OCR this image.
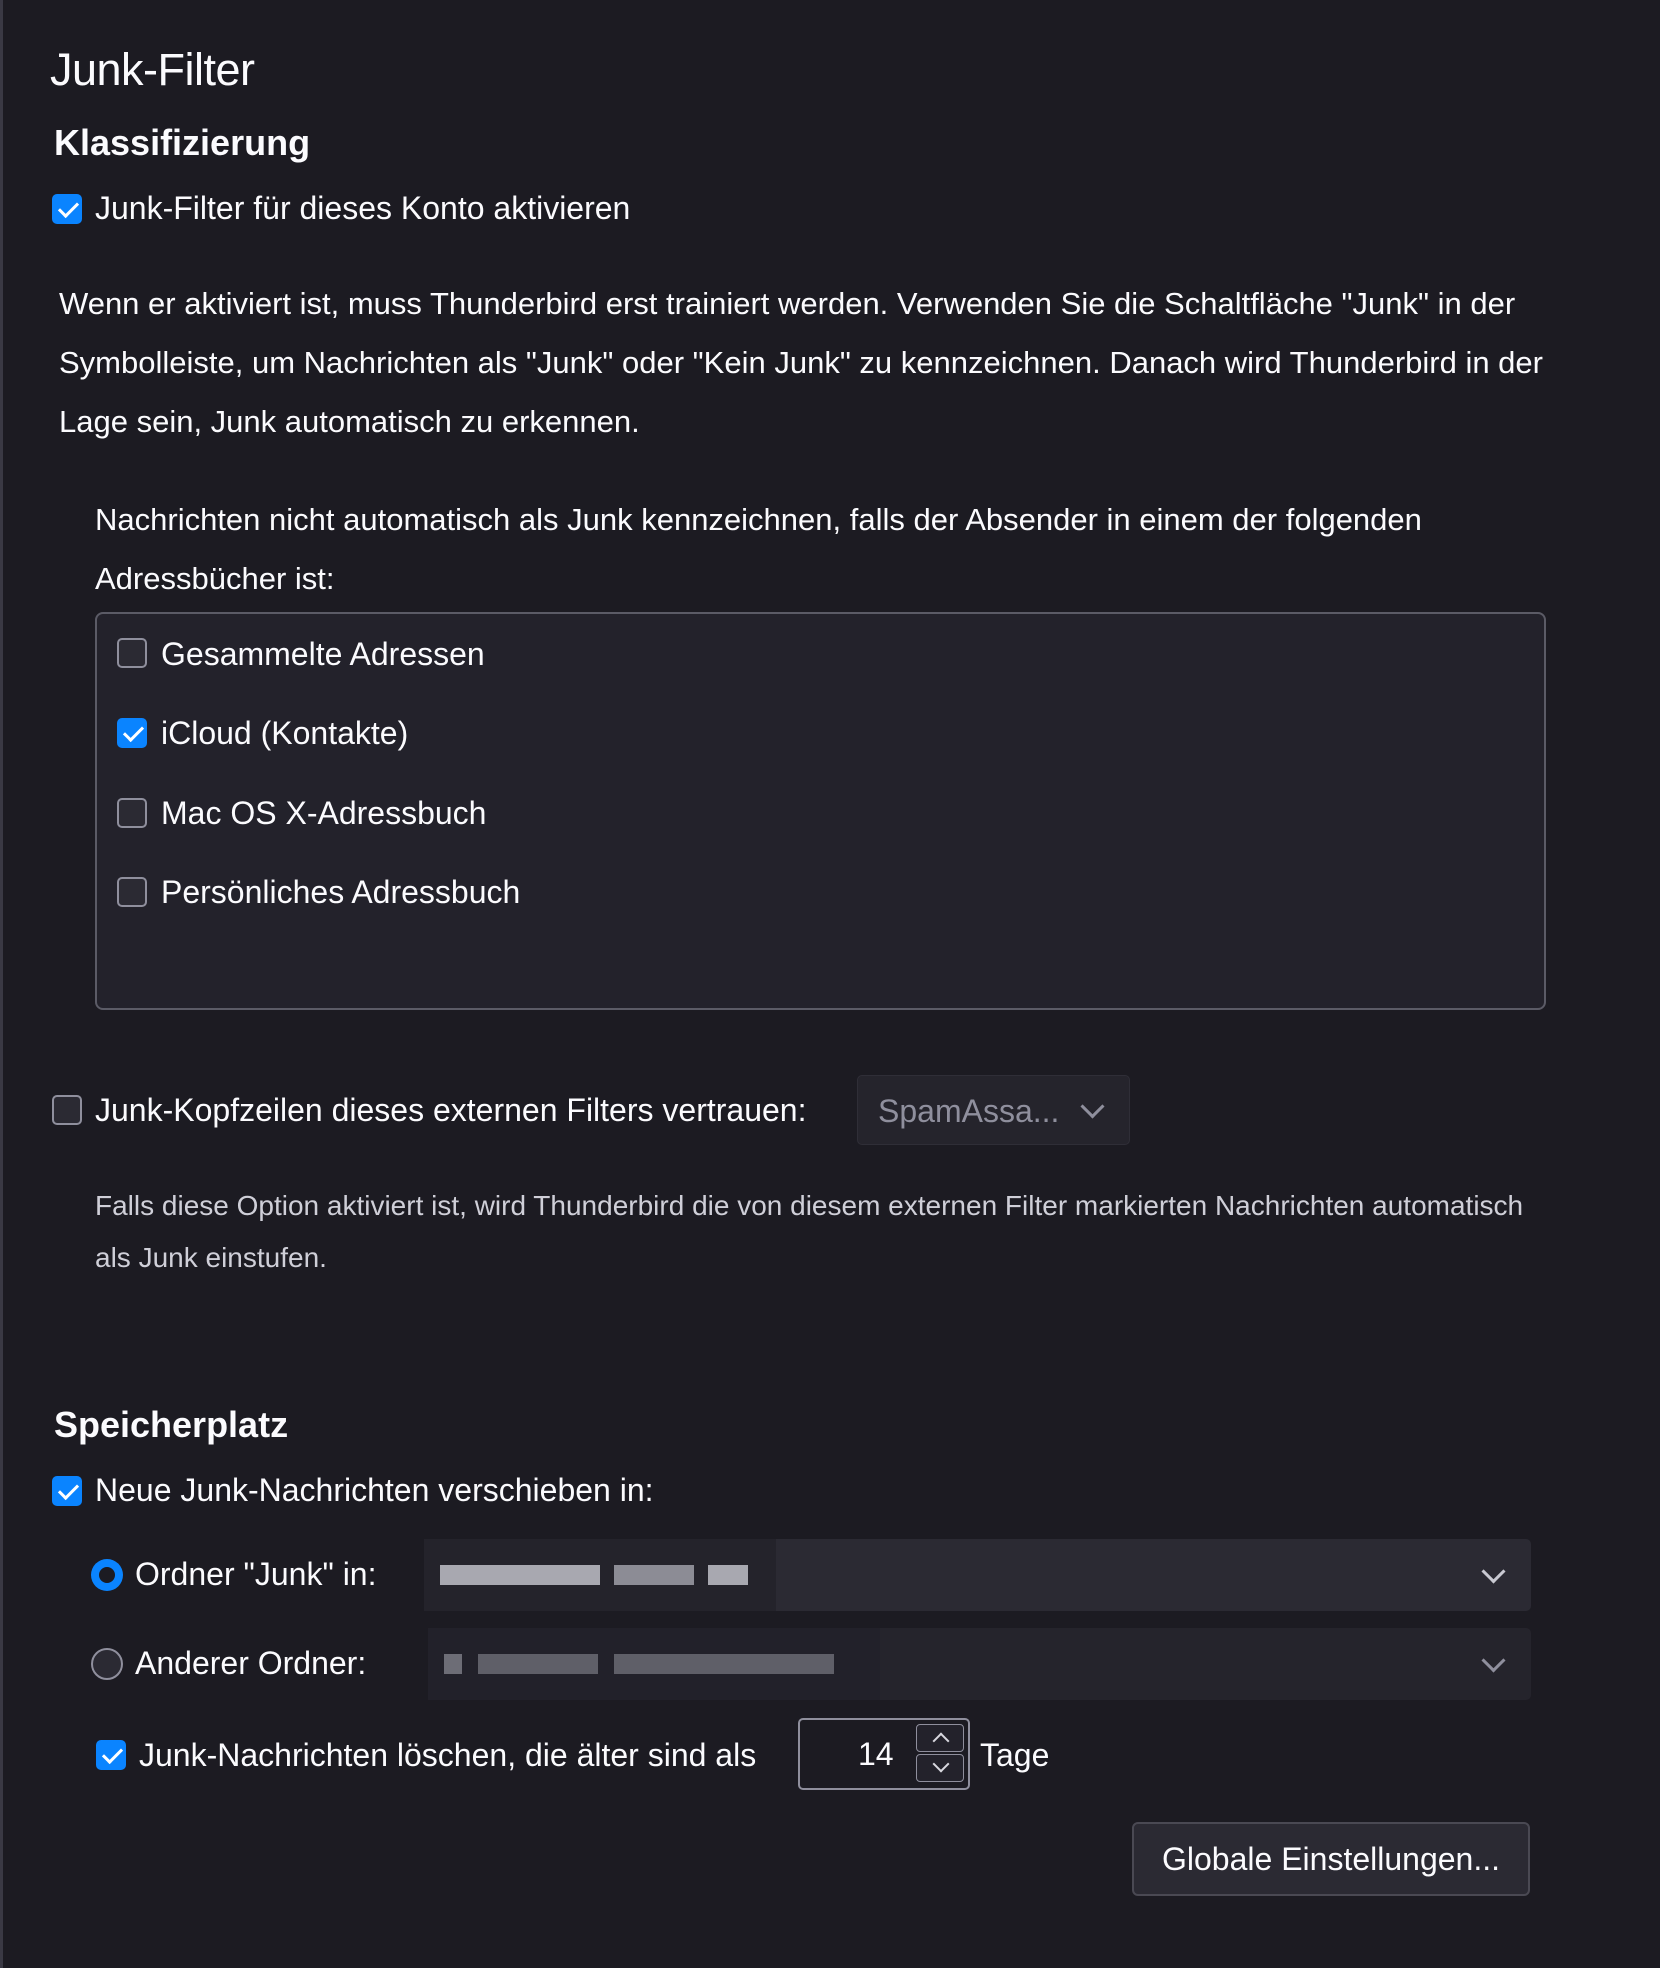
Junk-Filter
Klassifizierung
Junk-Filter für dieses Konto aktivieren
Wenn er aktiviert ist, muss Thunderbird erst trainiert werden. Verwenden Sie die Schaltfläche "Junk" in der Symbolleiste, um Nachrichten als "Junk" oder "Kein Junk" zu kennzeichnen. Danach wird Thunderbird in der Lage sein, Junk automatisch zu erkennen.
Nachrichten nicht automatisch als Junk kennzeichnen, falls der Absender in einem der folgenden Adressbücher ist:
Gesammelte Adressen
iCloud (Kontakte)
Mac OS X-Adressbuch
Persönliches Adressbuch
Junk-Kopfzeilen dieses externen Filters vertrauen: SpamAssa...
Falls diese Option aktiviert ist, wird Thunderbird die von diesem externen Filter markierten Nachrichten automatisch als Junk einstufen.
Speicherplatz
Neue Junk-Nachrichten verschieben in:
Ordner "Junk" in:
Anderer Ordner:
Junk-Nachrichten löschen, die älter sind als	14	Tage
Globale Einstellungen...
